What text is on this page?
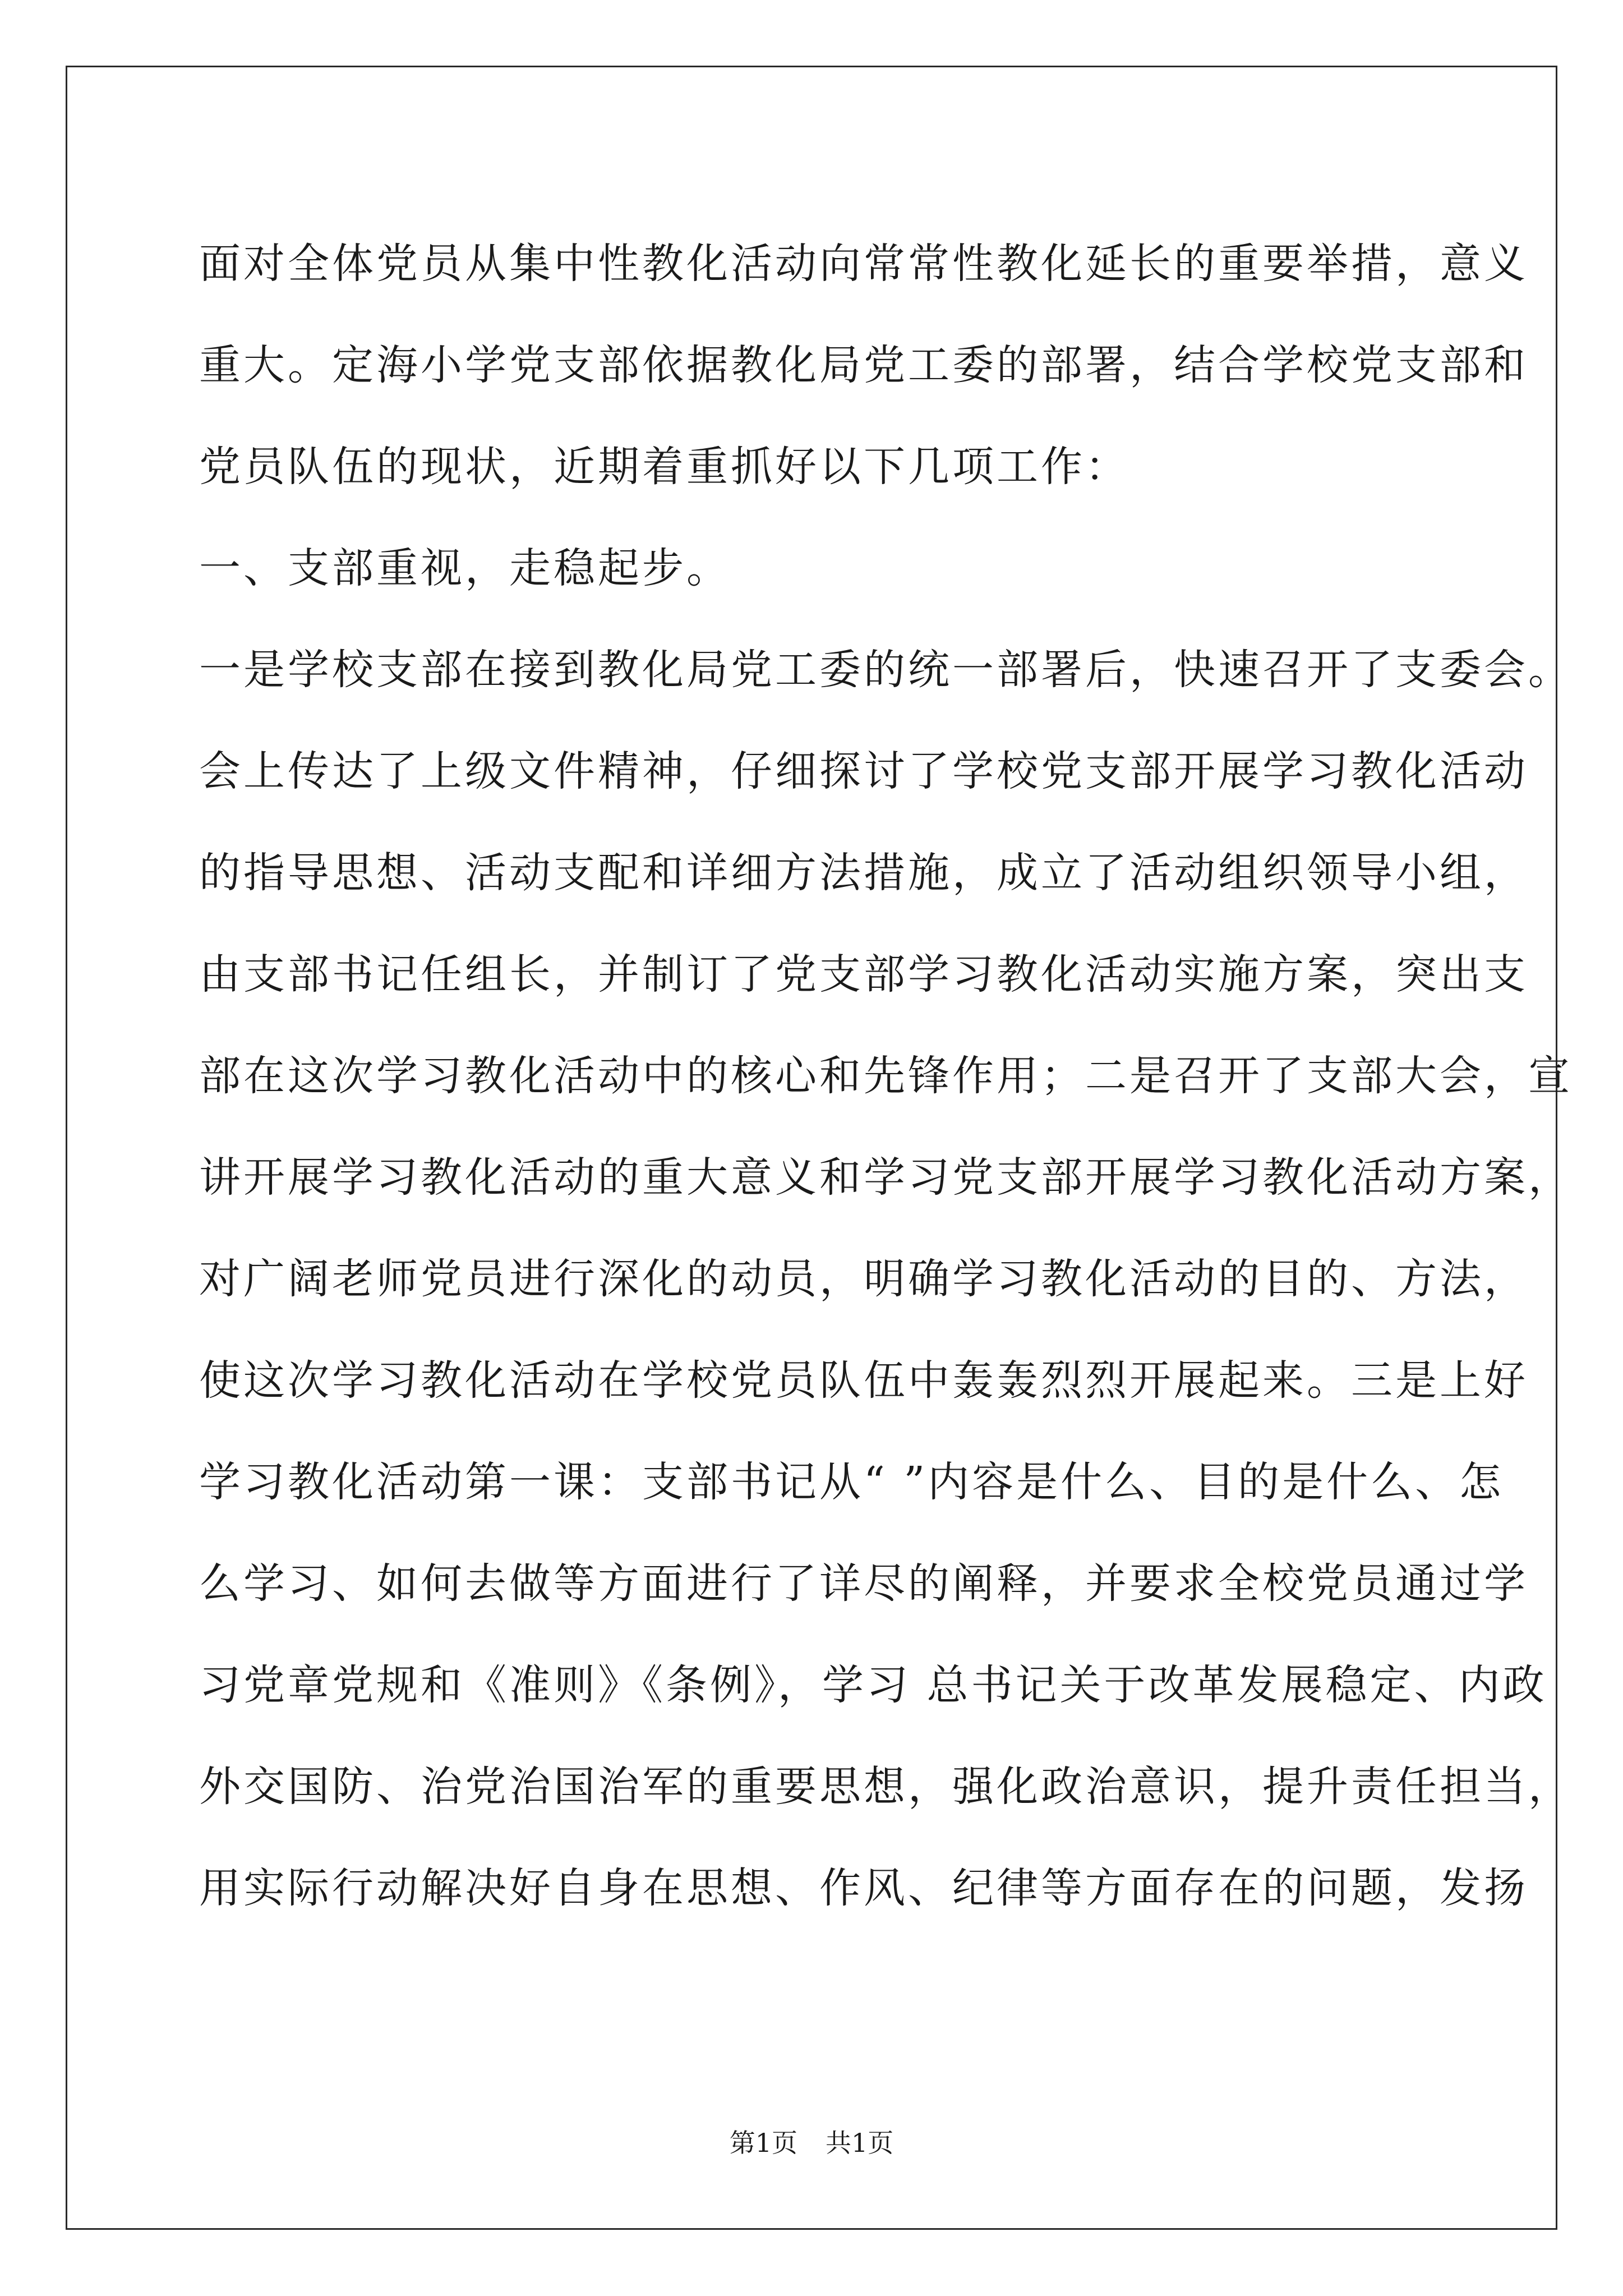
面对全体党员从集中性教化活动向常常性教化延长的重要举措，意义
重大。定海小学党支部依据教化局党工委的部署，结合学校党支部和
党员队伍的现状，近期着重抓好以下几项工作：
一、支部重视，走稳起步。
一是学校支部在接到教化局党工委的统一部署后，快速召开了支委会。
会上传达了上级文件精神，仔细探讨了学校党支部开展学习教化活动
的指导思想、活动支配和详细方法措施，成立了活动组织领导小组，
由支部书记任组长，并制订了党支部学习教化活动实施方案，突出支
部在这次学习教化活动中的核心和先锋作用；二是召开了支部大会，宣
讲开展学习教化活动的重大意义和学习党支部开展学习教化活动方案，
对广阔老师党员进行深化的动员，明确学习教化活动的目的、方法，
使这次学习教化活动在学校党员队伍中轰轰烈烈开展起来。三是上好
学习教化活动第一课：支部书记从“ ”内容是什么、目的是什么、怎
么学习、如何去做等方面进行了详尽的阐释，并要求全校党员通过学
习党章党规和《准则》《条例》，学习 总书记关于改革发展稳定、内政
外交国防、治党治国治军的重要思想，强化政治意识，提升责任担当，
用实际行动解决好自身在思想、作风、纪律等方面存在的问题，发扬
第1页 共1页
